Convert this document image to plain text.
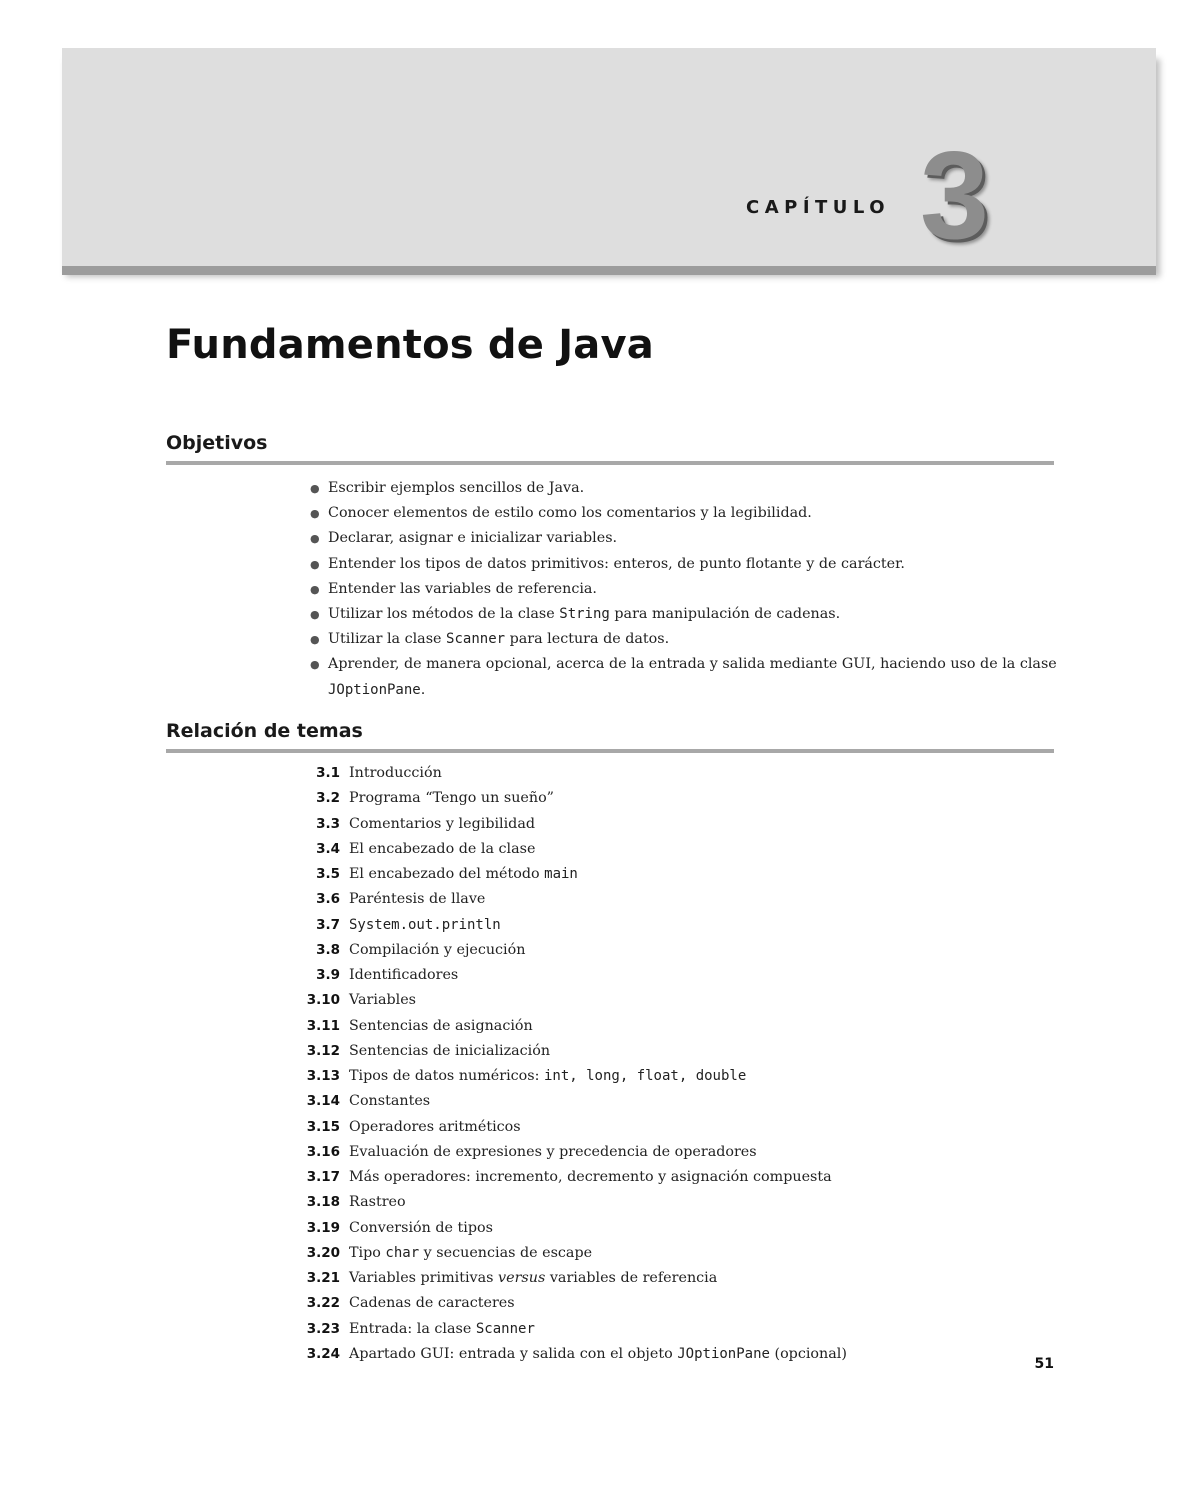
CAPÍTULO 3
Fundamentos de Java
Objetivos
● Escribir ejemplos sencillos de Java.
● Conocer elementos de estilo como los comentarios y la legibilidad.
● Declarar, asignar e inicializar variables.
● Entender los tipos de datos primitivos: enteros, de punto flotante y de carácter.
● Entender las variables de referencia.
● Utilizar los métodos de la clase String para manipulación de cadenas.
● Utilizar la clase Scanner para lectura de datos.
● Aprender, de manera opcional, acerca de la entrada y salida mediante GUI, haciendo uso de la clase JOptionPane.
Relación de temas
3.1 Introducción
3.2 Programa “Tengo un sueño”
3.3 Comentarios y legibilidad
3.4 El encabezado de la clase
3.5 El encabezado del método main
3.6 Paréntesis de llave
3.7 System.out.println
3.8 Compilación y ejecución
3.9 Identificadores
3.10 Variables
3.11 Sentencias de asignación
3.12 Sentencias de inicialización
3.13 Tipos de datos numéricos: int, long, float, double
3.14 Constantes
3.15 Operadores aritméticos
3.16 Evaluación de expresiones y precedencia de operadores
3.17 Más operadores: incremento, decremento y asignación compuesta
3.18 Rastreo
3.19 Conversión de tipos
3.20 Tipo char y secuencias de escape
3.21 Variables primitivas versus variables de referencia
3.22 Cadenas de caracteres
3.23 Entrada: la clase Scanner
3.24 Apartado GUI: entrada y salida con el objeto JOptionPane (opcional)
51
